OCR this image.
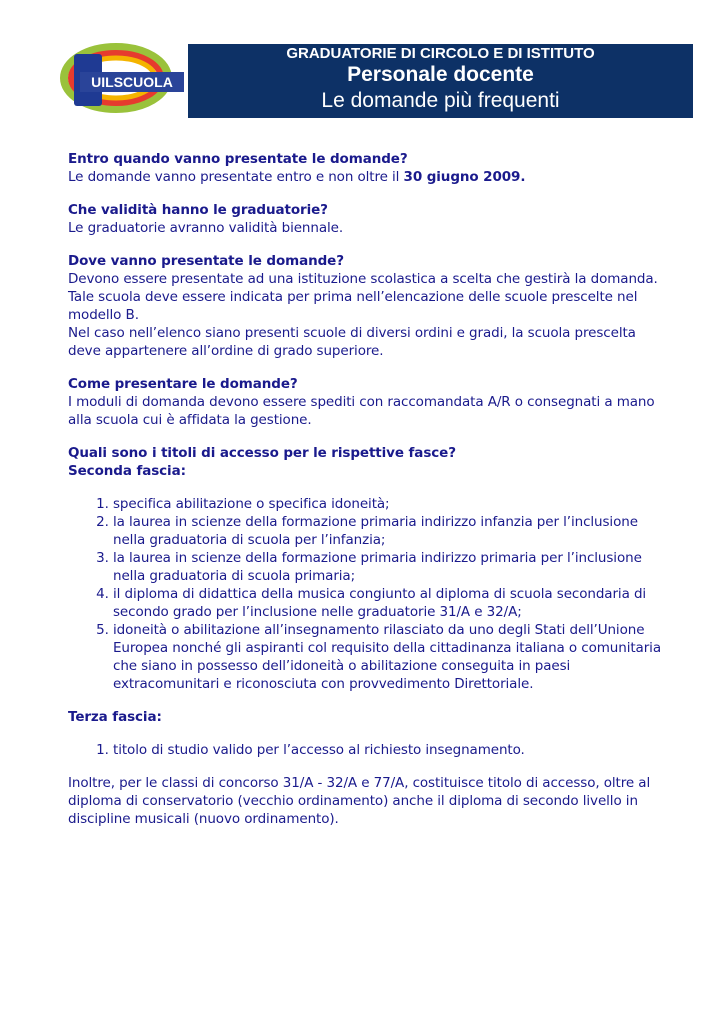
UILSCUOLA
GRADUATORIE DI CIRCOLO E DI ISTITUTO
Personale docente
Le domande più frequenti

Entro quando vanno presentate le domande?
Le domande vanno presentate entro e non oltre il 30 giugno 2009.

Che validità hanno le graduatorie?
Le graduatorie avranno validità biennale.

Dove vanno presentate le domande?
Devono essere presentate ad una istituzione scolastica a scelta che gestirà la domanda. Tale scuola deve essere indicata per prima nell’elencazione delle scuole prescelte nel modello B.
Nel caso nell’elenco siano presenti scuole di diversi ordini e gradi, la scuola prescelta deve appartenere all’ordine di grado superiore.

Come presentare le domande?
I moduli di domanda devono essere spediti con raccomandata A/R o consegnati a mano alla scuola cui è affidata la gestione.

Quali sono i titoli di accesso per le rispettive fasce?
Seconda fascia:

1. specifica abilitazione o specifica idoneità;
2. la laurea in scienze della formazione primaria indirizzo infanzia per l’inclusione nella graduatoria di scuola per l’infanzia;
3. la laurea in scienze della formazione primaria indirizzo primaria per l’inclusione nella graduatoria di scuola primaria;
4. il diploma di didattica della musica congiunto al diploma di scuola secondaria di secondo grado per l’inclusione nelle graduatorie 31/A e 32/A;
5. idoneità o abilitazione all’insegnamento rilasciato da uno degli Stati dell’Unione Europea nonché gli aspiranti col requisito della cittadinanza italiana o comunitaria che siano in possesso dell’idoneità o abilitazione conseguita in paesi extracomunitari e riconosciuta con provvedimento Direttoriale.

Terza fascia:

1. titolo di studio valido per l’accesso al richiesto insegnamento.

Inoltre, per le classi di concorso 31/A - 32/A e 77/A, costituisce titolo di accesso, oltre al diploma di conservatorio (vecchio ordinamento) anche il diploma di secondo livello in discipline musicali (nuovo ordinamento).
